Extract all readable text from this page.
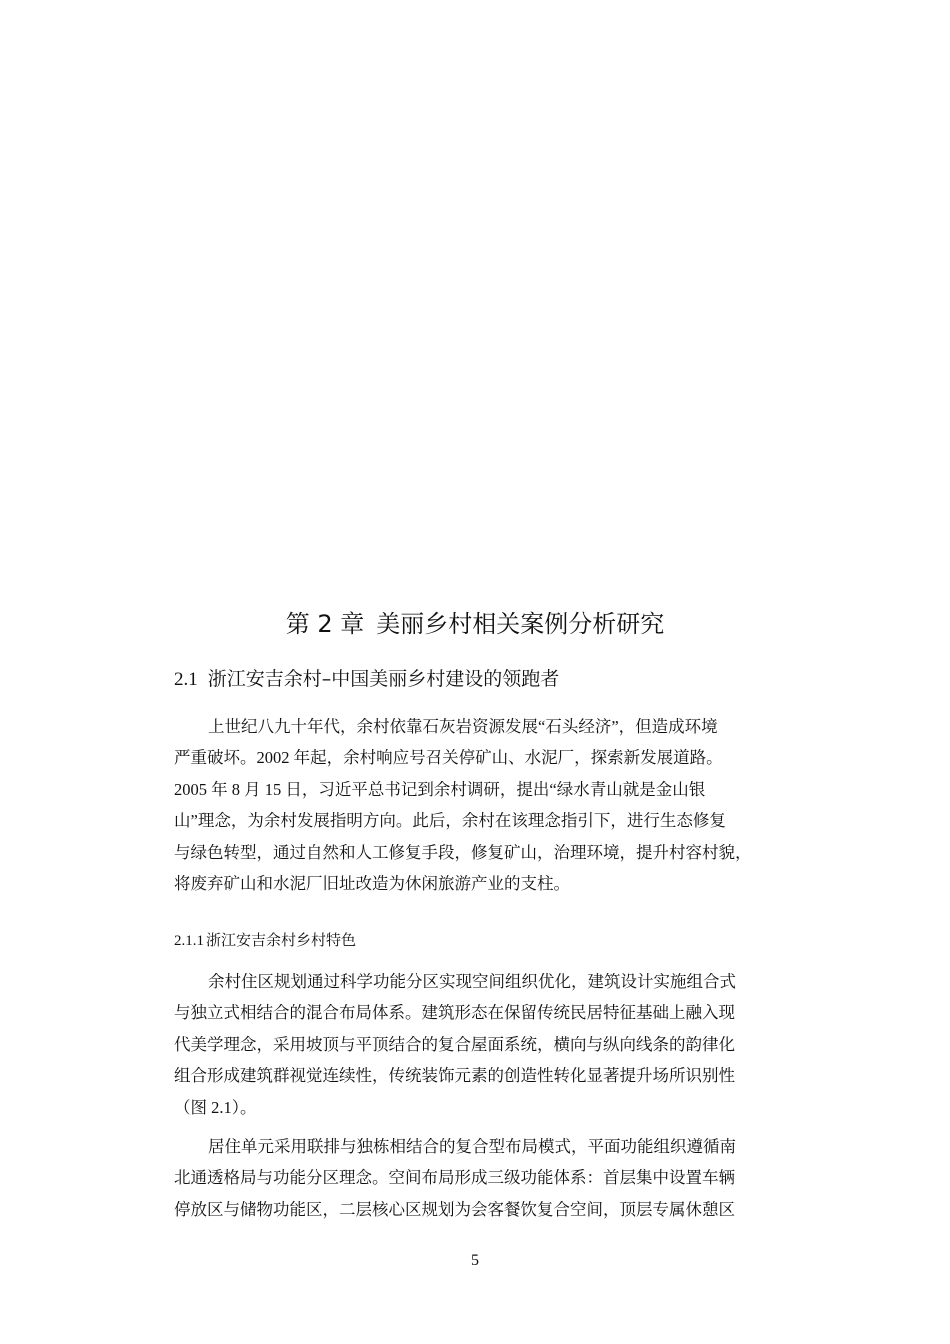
第 2 章 美丽乡村相关案例分析研究
2.1 浙江安吉余村–中国美丽乡村建设的领跑者
上世纪八九十年代，余村依靠石灰岩资源发展“石头经济”，但造成环境
严重破坏。2002 年起，余村响应号召关停矿山、水泥厂，探索新发展道路。
2005 年 8 月 15 日，习近平总书记到余村调研，提出“绿水青山就是金山银
山”理念，为余村发展指明方向。此后，余村在该理念指引下，进行生态修复
与绿色转型，通过自然和人工修复手段，修复矿山，治理环境，提升村容村貌，
将废弃矿山和水泥厂旧址改造为休闲旅游产业的支柱。
2.1.1 浙江安吉余村乡村特色
余村住区规划通过科学功能分区实现空间组织优化，建筑设计实施组合式
与独立式相结合的混合布局体系。建筑形态在保留传统民居特征基础上融入现
代美学理念，采用坡顶与平顶结合的复合屋面系统，横向与纵向线条的韵律化
组合形成建筑群视觉连续性，传统装饰元素的创造性转化显著提升场所识别性
（图 2.1）。
居住单元采用联排与独栋相结合的复合型布局模式，平面功能组织遵循南
北通透格局与功能分区理念。空间布局形成三级功能体系：首层集中设置车辆
停放区与储物功能区，二层核心区规划为会客餐饮复合空间，顶层专属休憩区
5
